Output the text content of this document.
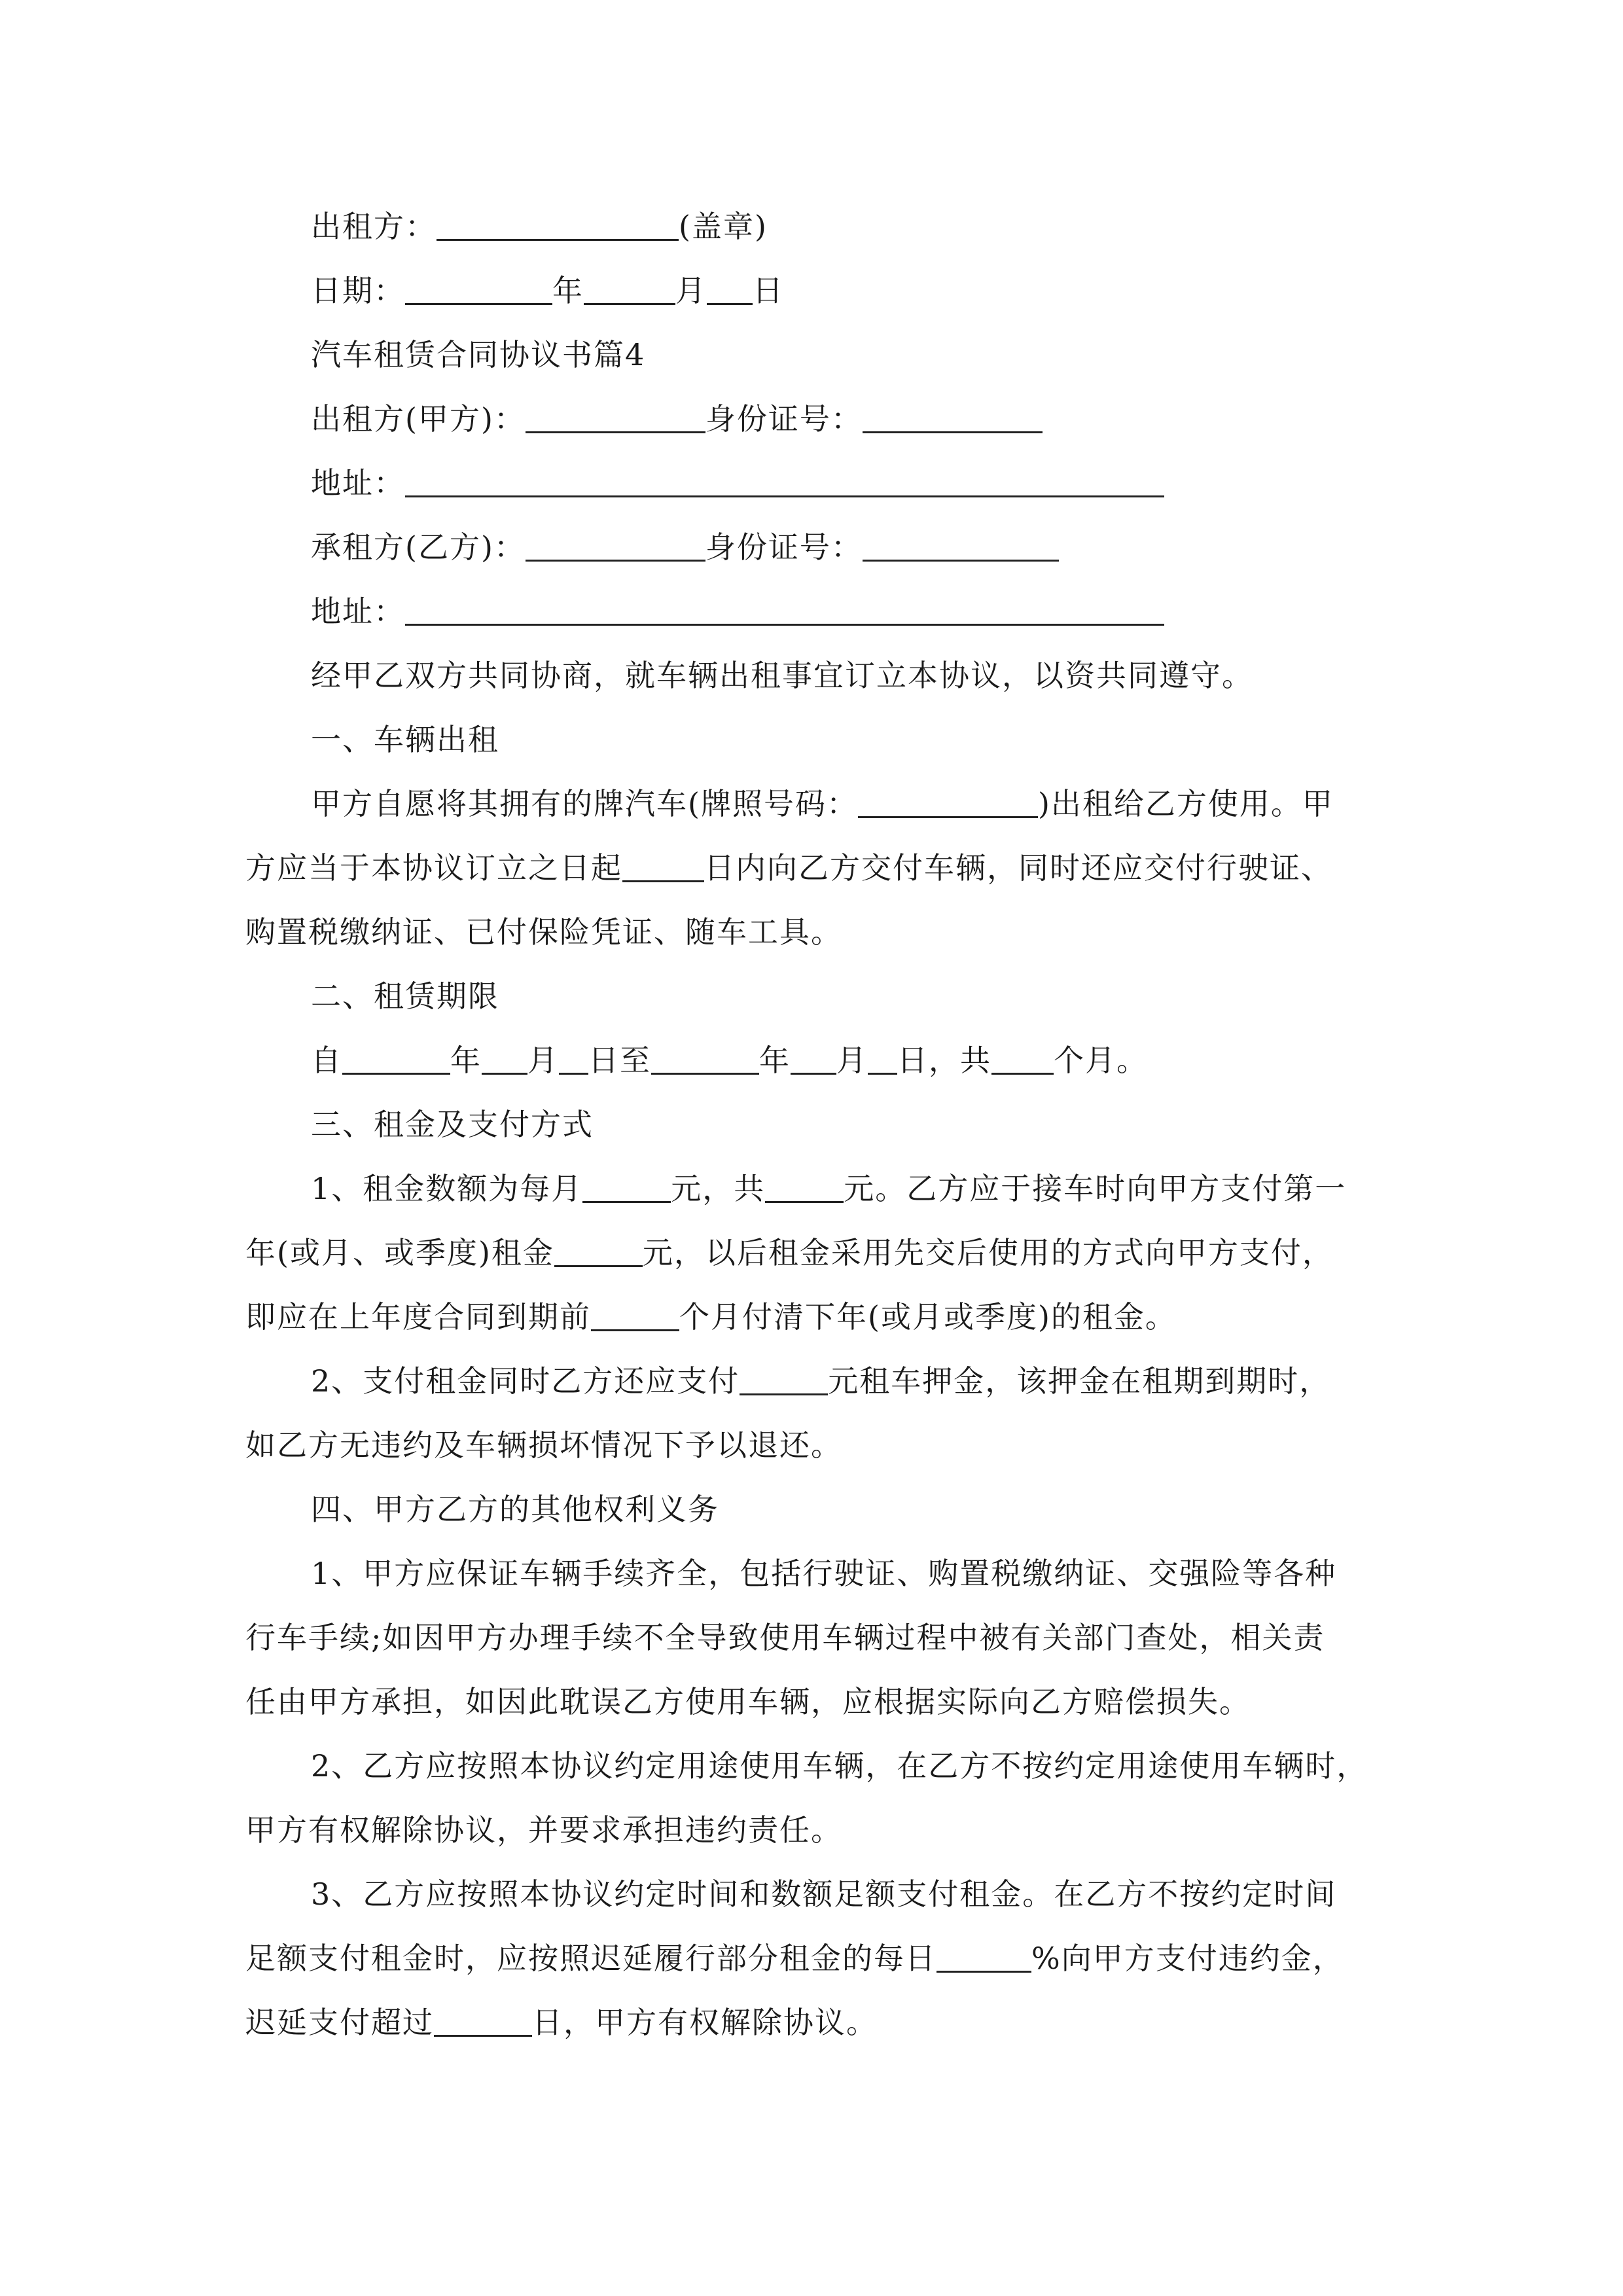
出租方：	(盖章)
日期：	年	月 日
汽车租赁合同协议书篇4
出租方(甲方)：	身份证号：
地址：
承租方(乙方)：	身份证号：
地址：
经甲乙双方共同协商，就车辆出租事宜订立本协议，以资共同遵守。
一、车辆出租
甲方自愿将其拥有的牌汽车(牌照号码：	)出租给乙方使用。甲
方应当于本协议订立之日起	日内向乙方交付车辆，同时还应交付行驶证、
购置税缴纳证、已付保险凭证、随车工具。
二、租赁期限
自	年 月 日至	年 月 日，共 个月。
三、租金及支付方式
1、租金数额为每月	元，共	元。乙方应于接车时向甲方支付第一
年(或月、或季度)租金	元，以后租金采用先交后使用的方式向甲方支付，
即应在上年度合同到期前	个月付清下年(或月或季度)的租金。
2、支付租金同时乙方还应支付	元租车押金，该押金在租期到期时，
如乙方无违约及车辆损坏情况下予以退还。
四、甲方乙方的其他权利义务
1、甲方应保证车辆手续齐全，包括行驶证、购置税缴纳证、交强险等各种
行车手续;如因甲方办理手续不全导致使用车辆过程中被有关部门查处，相关责
任由甲方承担，如因此耽误乙方使用车辆，应根据实际向乙方赔偿损失。
2、乙方应按照本协议约定用途使用车辆，在乙方不按约定用途使用车辆时，
甲方有权解除协议，并要求承担违约责任。
3、乙方应按照本协议约定时间和数额足额支付租金。在乙方不按约定时间
足额支付租金时，应按照迟延履行部分租金的每日	%向甲方支付违约金，
迟延支付超过	日，甲方有权解除协议。
